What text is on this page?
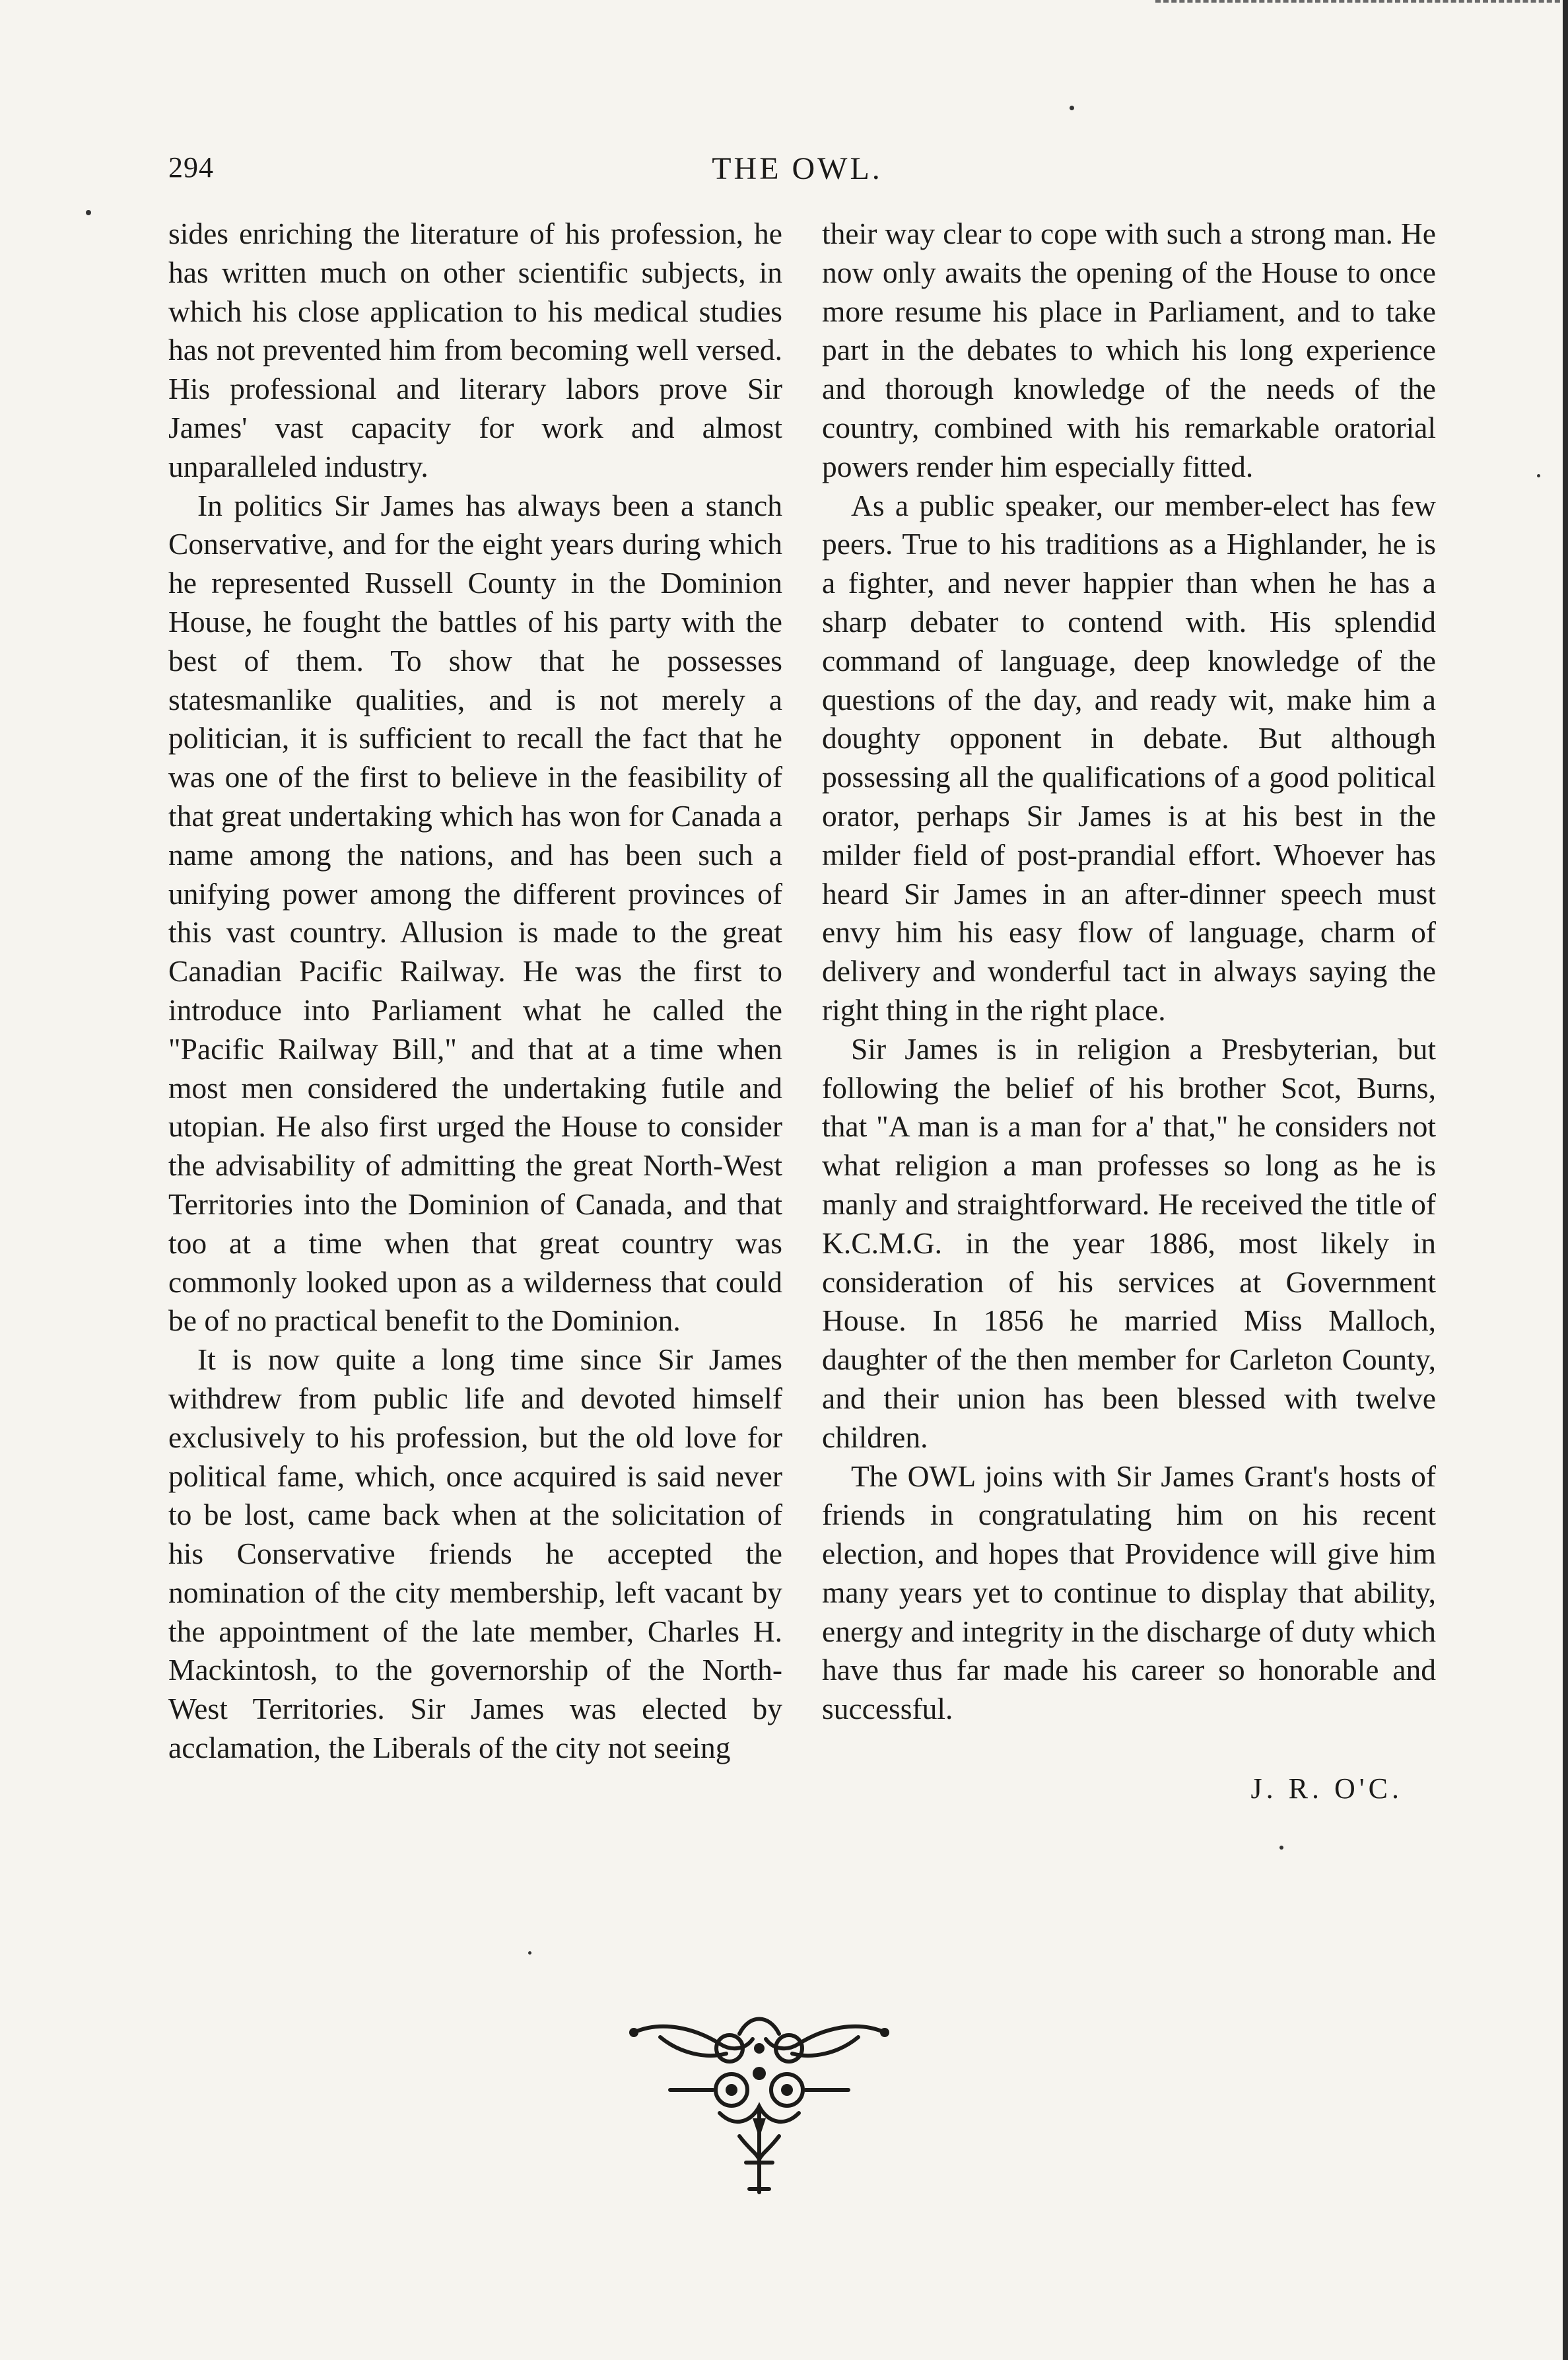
294	THE OWL.

sides enriching the literature of his profession, he has written much on other scientific subjects, in which his close application to his medical studies has not prevented him from becoming well versed. His professional and literary labors prove Sir James' vast capacity for work and almost unparalleled industry.

In politics Sir James has always been a stanch Conservative, and for the eight years during which he represented Russell County in the Dominion House, he fought the battles of his party with the best of them. To show that he possesses statesmanlike qualities, and is not merely a politician, it is sufficient to recall the fact that he was one of the first to believe in the feasibility of that great undertaking which has won for Canada a name among the nations, and has been such a unifying power among the different provinces of this vast country. Allusion is made to the great Canadian Pacific Railway. He was the first to introduce into Parliament what he called the "Pacific Railway Bill," and that at a time when most men considered the undertaking futile and utopian. He also first urged the House to consider the advisability of admitting the great North-West Territories into the Dominion of Canada, and that too at a time when that great country was commonly looked upon as a wilderness that could be of no practical benefit to the Dominion.

It is now quite a long time since Sir James withdrew from public life and devoted himself exclusively to his profession, but the old love for political fame, which, once acquired is said never to be lost, came back when at the solicitation of his Conservative friends he accepted the nomination of the city membership, left vacant by the appointment of the late member, Charles H. Mackintosh, to the governorship of the North-West Territories. Sir James was elected by acclamation, the Liberals of the city not seeing

their way clear to cope with such a strong man. He now only awaits the opening of the House to once more resume his place in Parliament, and to take part in the debates to which his long experience and thorough knowledge of the needs of the country, combined with his remarkable oratorial powers render him especially fitted.

As a public speaker, our member-elect has few peers. True to his traditions as a Highlander, he is a fighter, and never happier than when he has a sharp debater to contend with. His splendid command of language, deep knowledge of the questions of the day, and ready wit, make him a doughty opponent in debate. But although possessing all the qualifications of a good political orator, perhaps Sir James is at his best in the milder field of post-prandial effort. Whoever has heard Sir James in an after-dinner speech must envy him his easy flow of language, charm of delivery and wonderful tact in always saying the right thing in the right place.

Sir James is in religion a Presbyterian, but following the belief of his brother Scot, Burns, that "A man is a man for a' that," he considers not what religion a man professes so long as he is manly and straightforward. He received the title of K.C.M.G. in the year 1886, most likely in consideration of his services at Government House. In 1856 he married Miss Malloch, daughter of the then member for Carleton County, and their union has been blessed with twelve children.

The OWL joins with Sir James Grant's hosts of friends in congratulating him on his recent election, and hopes that Providence will give him many years yet to continue to display that ability, energy and integrity in the discharge of duty which have thus far made his career so honorable and successful.

J. R. O'C.
